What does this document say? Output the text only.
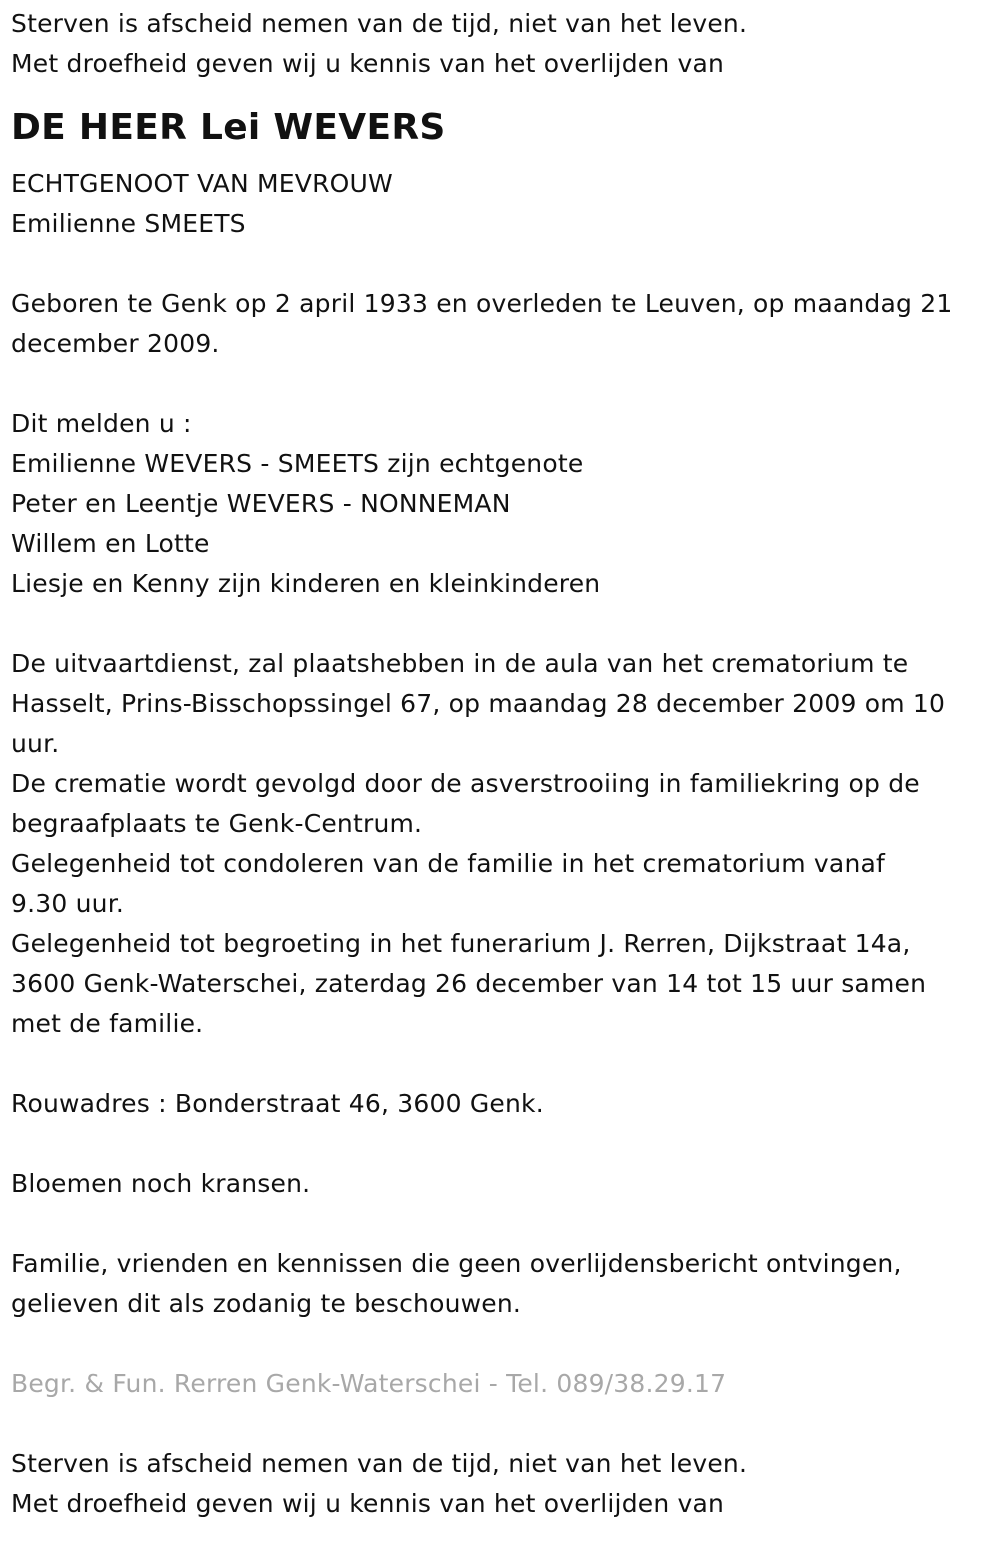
Sterven is afscheid nemen van de tijd, niet van het leven.
Met droefheid geven wij u kennis van het overlijden van
DE HEER Lei WEVERS
ECHTGENOOT VAN MEVROUW
Emilienne SMEETS
Geboren te Genk op 2 april 1933 en overleden te Leuven, op maandag 21
december 2009.
Dit melden u :
Emilienne WEVERS - SMEETS zijn echtgenote
Peter en Leentje WEVERS - NONNEMAN
Willem en Lotte
Liesje en Kenny zijn kinderen en kleinkinderen
De uitvaartdienst, zal plaatshebben in de aula van het crematorium te
Hasselt, Prins-Bisschopssingel 67, op maandag 28 december 2009 om 10
uur.
De crematie wordt gevolgd door de asverstrooiing in familiekring op de
begraafplaats te Genk-Centrum.
Gelegenheid tot condoleren van de familie in het crematorium vanaf
9.30 uur.
Gelegenheid tot begroeting in het funerarium J. Rerren, Dijkstraat 14a,
3600 Genk-Waterschei, zaterdag 26 december van 14 tot 15 uur samen
met de familie.
Rouwadres : Bonderstraat 46, 3600 Genk.
Bloemen noch kransen.
Familie, vrienden en kennissen die geen overlijdensbericht ontvingen,
gelieven dit als zodanig te beschouwen.
Begr. & Fun. Rerren Genk-Waterschei - Tel. 089/38.29.17
Sterven is afscheid nemen van de tijd, niet van het leven.
Met droefheid geven wij u kennis van het overlijden van
